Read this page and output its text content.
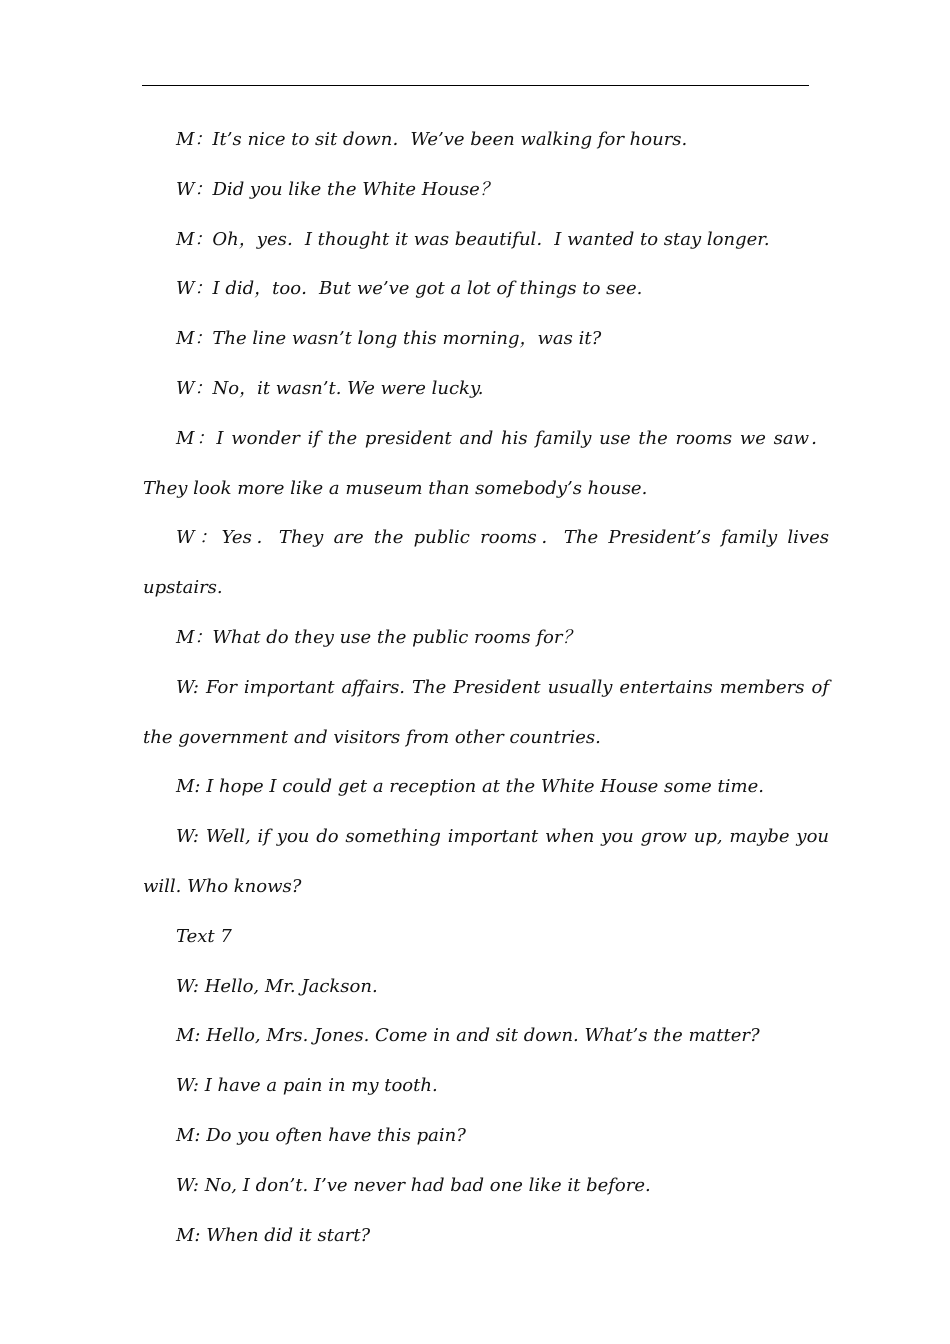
M：It’s nice to sit down．We’ve been walking for hours.

W：Did you like the White House？

M：Oh，yes．I thought it was beautiful．I wanted to stay longer.

W：I did，too．But we’ve got a lot of things to see.

M：The line wasn’t long this morning，was it?

W：No，it wasn’t. We were lucky.

M：I wonder if the president and his family use the rooms we saw．They look more like a museum than somebody’s house.

W：Yes．They are the public rooms．The President’s family lives upstairs.

M：What do they use the public rooms for？

W: For important affairs. The President usually entertains members of the government and visitors from other countries.

M: I hope I could get a reception at the White House some time.

W: Well, if you do something important when you grow up, maybe you will. Who knows?

Text 7

W: Hello, Mr. Jackson.

M: Hello, Mrs. Jones. Come in and sit down. What’s the matter?

W: I have a pain in my tooth.

M: Do you often have this pain?

W: No, I don’t. I’ve never had bad one like it before.

M: When did it start?
